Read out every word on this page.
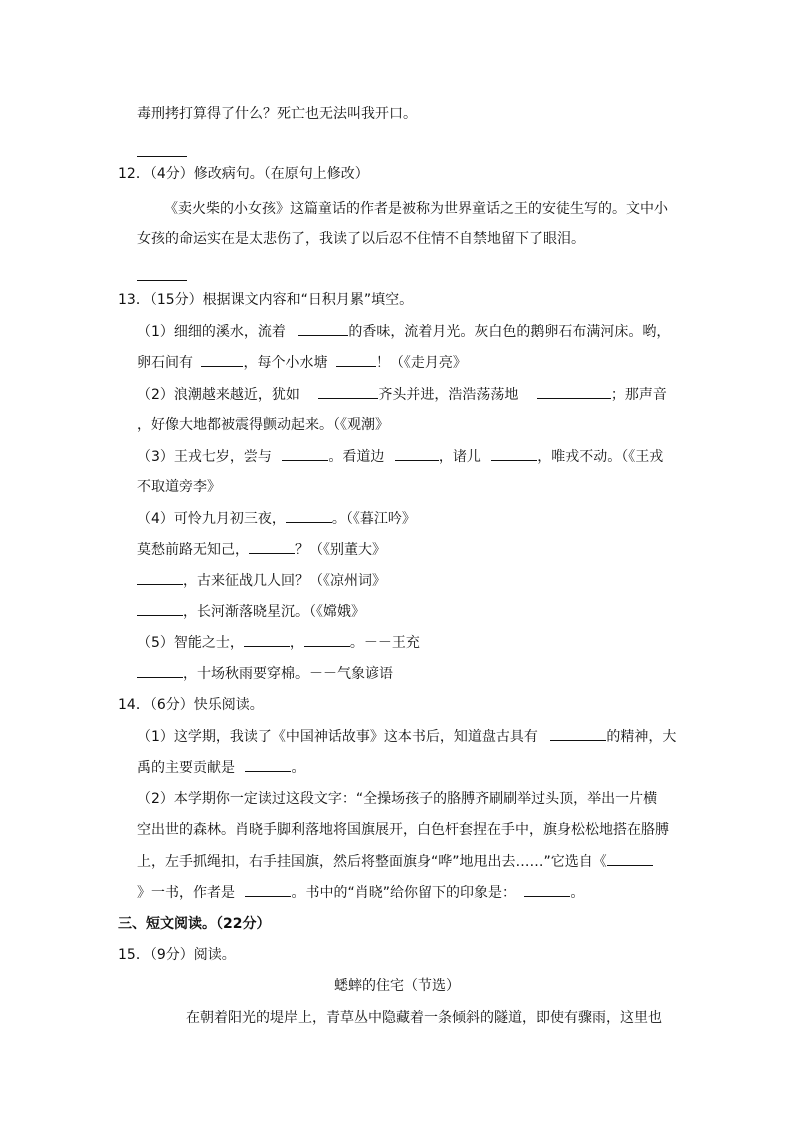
毒刑拷打算得了什么？死亡也无法叫我开口。
12．（4分）修改病句。（在原句上修改）
《卖火柴的小女孩》这篇童话的作者是被称为世界童话之王的安徒生写的。文中小
女孩的命运实在是太悲伤了，我读了以后忍不住情不自禁地留下了眼泪。
13．（15分）根据课文内容和“日积月累”填空。
（1）细细的溪水，流着	的香味，流着月光。灰白色的鹅卵石布满河床。哟，
卵石间有	，每个小水塘	！（《走月亮》
（2）浪潮越来越近，犹如	齐头并进，浩浩荡荡地	；那声音
，好像大地都被震得颤动起来。（《观潮》
（3）王戎七岁，尝与	。看道边	，诸儿	，唯戎不动。（《王戎
不取道旁李》
（4）可怜九月初三夜，	。（《暮江吟》
莫愁前路无知己，	？（《别董大》
，古来征战几人回？（《凉州词》
，长河渐落晓星沉。（《嫦娥》
（5）智能之士，	，	。－－王充
，十场秋雨要穿棉。－－气象谚语
14．（6分）快乐阅读。
（1）这学期，我读了《中国神话故事》这本书后，知道盘古具有	的精神，大
禹的主要贡献是	。
（2）本学期你一定读过这段文字：“全操场孩子的胳膊齐刷刷举过头顶，举出一片横
空出世的森林。肖晓手脚利落地将国旗展开，白色杆套捏在手中，旗身松松地搭在胳膊
上，左手抓绳扣，右手挂国旗，然后将整面旗身“哗”地甩出去……”它选自《
》一书，作者是	。书中的“肖晓”给你留下的印象是：	。
三、短文阅读。（22分）
15．（9分）阅读。
蟋蟀的住宅（节选）
在朝着阳光的堤岸上，青草丛中隐藏着一条倾斜的隧道，即使有骤雨，这里也
